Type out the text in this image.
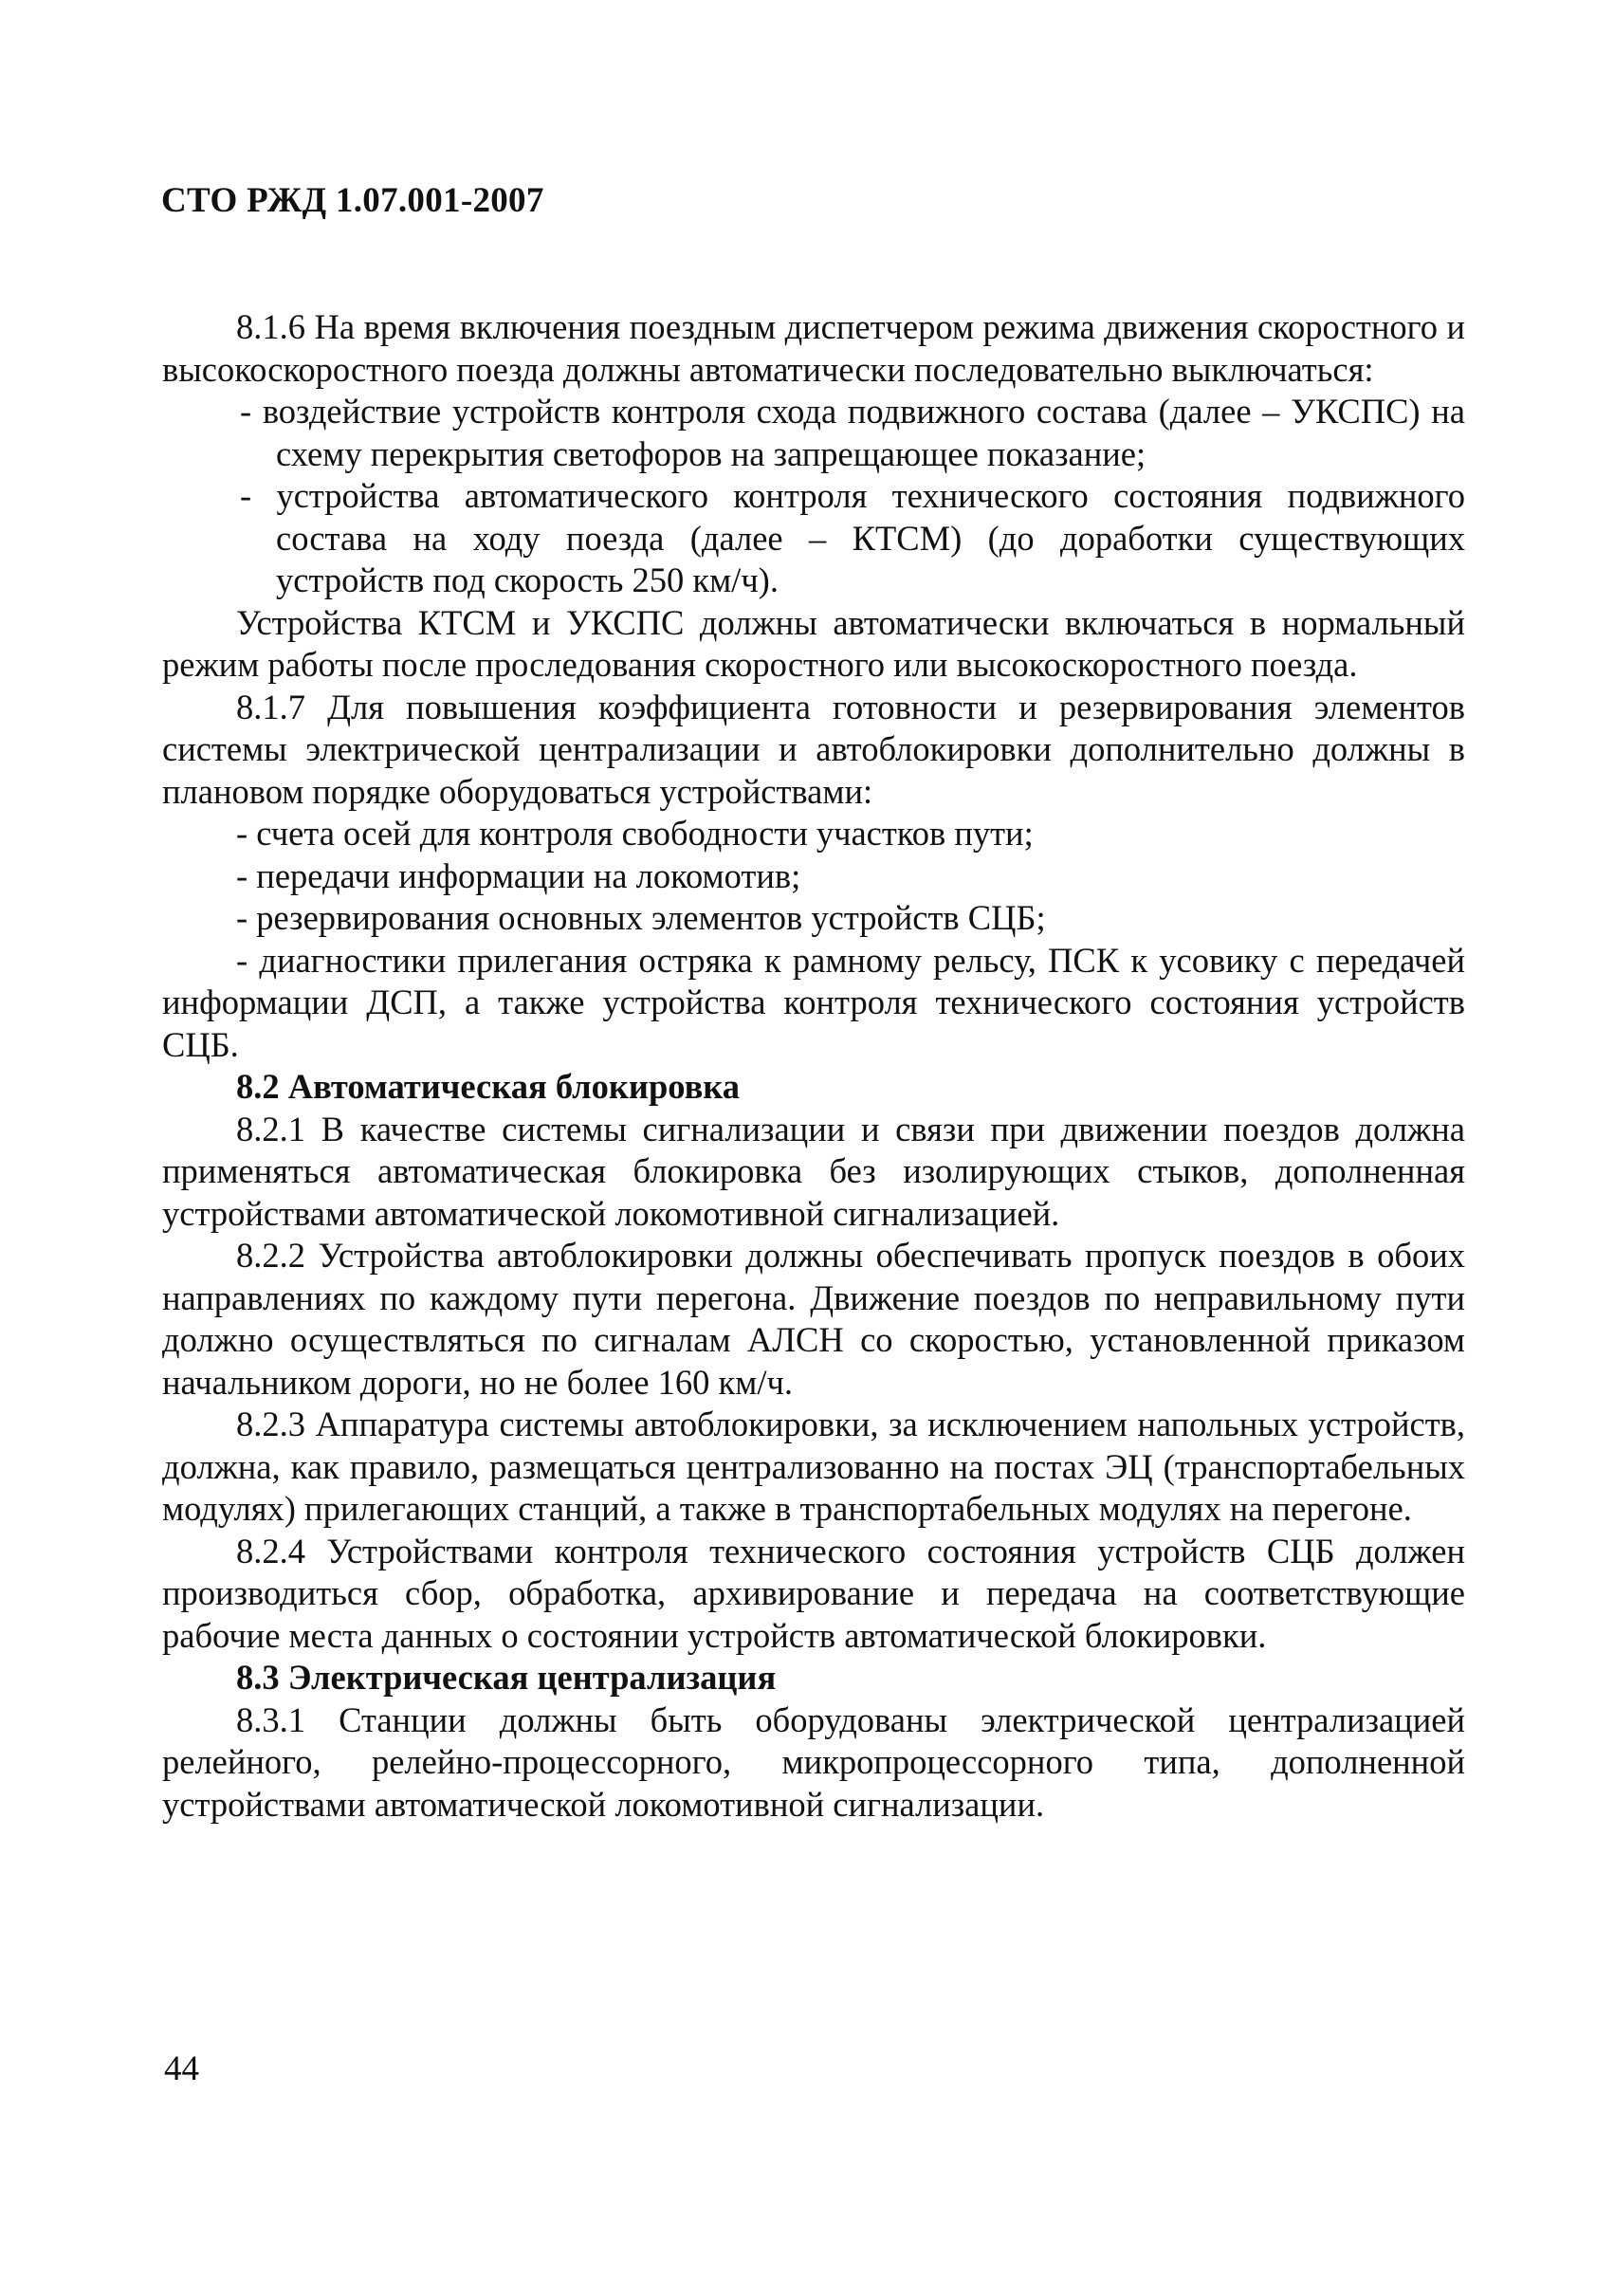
СТО РЖД 1.07.001-2007

8.1.6 На время включения поездным диспетчером режима движения скоростного и высокоскоростного поезда должны автоматически последовательно выключаться:

- воздействие устройств контроля схода подвижного состава (далее – УКСПС) на схему перекрытия светофоров на запрещающее показание;

- устройства автоматического контроля технического состояния подвижного состава на ходу поезда (далее – КТСМ) (до доработки существующих устройств под скорость 250 км/ч).

Устройства КТСМ и УКСПС должны автоматически включаться в нормальный режим работы после проследования скоростного или высокоскоростного поезда.

8.1.7 Для повышения коэффициента готовности и резервирования элементов системы электрической централизации и автоблокировки дополнительно должны в плановом порядке оборудоваться устройствами:

- счета осей для контроля свободности участков пути;

- передачи информации на локомотив;

- резервирования основных элементов устройств СЦБ;

- диагностики прилегания остряка к рамному рельсу, ПСК к усовику с передачей информации ДСП, а также устройства контроля технического состояния устройств СЦБ.

8.2 Автоматическая блокировка

8.2.1 В качестве системы сигнализации и связи при движении поездов должна применяться автоматическая блокировка без изолирующих стыков, дополненная устройствами автоматической локомотивной сигнализацией.

8.2.2 Устройства автоблокировки должны обеспечивать пропуск поездов в обоих направлениях по каждому пути перегона. Движение поездов по неправильному пути должно осуществляться по сигналам АЛСН со скоростью, установленной приказом начальником дороги, но не более 160 км/ч.

8.2.3 Аппаратура системы автоблокировки, за исключением напольных устройств, должна, как правило, размещаться централизованно на постах ЭЦ (транспортабельных модулях) прилегающих станций, а также в транспортабельных модулях на перегоне.

8.2.4 Устройствами контроля технического состояния устройств СЦБ должен производиться сбор, обработка, архивирование и передача на соответствующие рабочие места данных о состоянии устройств автоматической блокировки.

8.3 Электрическая централизация

8.3.1 Станции должны быть оборудованы электрической централизацией релейного, релейно-процессорного, микропроцессорного типа, дополненной устройствами автоматической локомотивной сигнализации.

44
